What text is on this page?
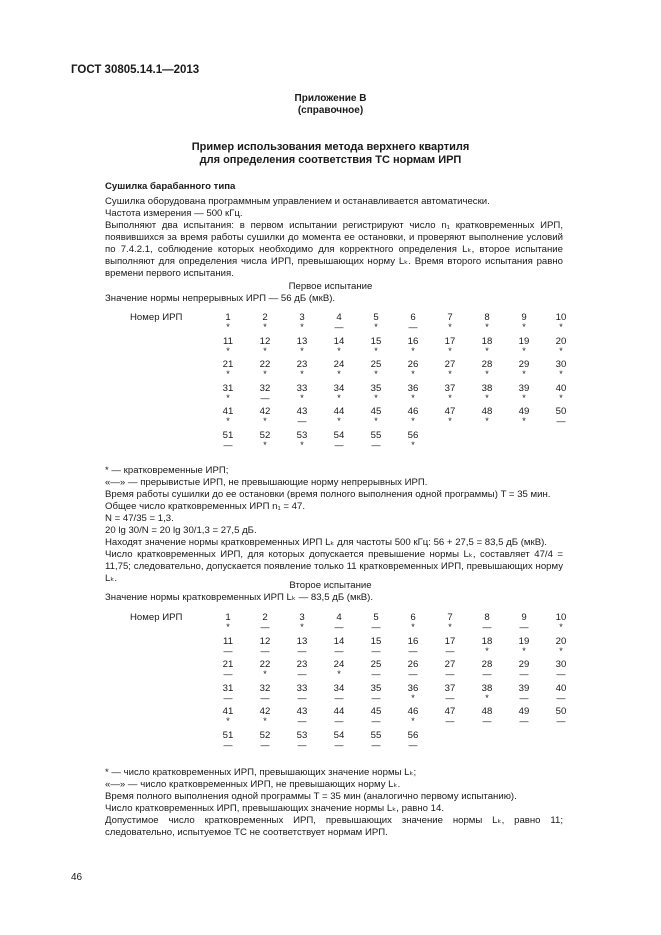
ГОСТ 30805.14.1—2013
Приложение В
(справочное)
Пример использования метода верхнего квартиля
для определения соответствия ТС нормам ИРП
Сушилка барабанного типа

Сушилка оборудована программным управлением и останавливается автоматически.

Частота измерения — 500 кГц.

Выполняют два испытания: в первом испытании регистрируют число n₁ кратковременных ИРП, появившихся за время работы сушилки до момента ее остановки, и проверяют выполнение условий по 7.4.2.1, соблюдение которых необходимо для корректного определения Lₖ, второе испытание выполняют для определения числа ИРП, превышающих норму Lₖ. Время второго испытания равно времени первого испытания.

Первое испытание
Значение нормы непрерывных ИРП — 56 дБ (мкВ).
Номер ИРП	1
*
2
*
3
*
4
—
5
*
6
—
7
*
8
*
9
*
10
*
11
*
12
*
13
*
14
*
15
*
16
*
17
*
18
*
19
*
20
*
21
*
22
*
23
*
24
*
25
*
26
*
27
*
28
*
29
*
30
*
31
*
32
—
33
*
34
*
35
*
36
*
37
*
38
*
39
*
40
*
41
*
42
*
43
—
44
*
45
*
46
*
47
*
48
*
49
*
50
—
51
—
52
*
53
*
54
—
55
—
56
*

* — кратковременные ИРП;

«—» — прерывистые ИРП, не превышающие норму непрерывных ИРП.

Время работы сушилки до ее остановки (время полного выполнения одной программы) T = 35 мин.

Общее число кратковременных ИРП n₁ = 47.

N = 47/35 = 1,3.

20 lg 30/N = 20 lg 30/1,3 = 27,5 дБ.

Находят значение нормы кратковременных ИРП Lₖ для частоты 500 кГц: 56 + 27,5 = 83,5 дБ (мкВ).

Число кратковременных ИРП, для которых допускается превышение нормы Lₖ, составляет 47/4 = 11,75; следовательно, допускается появление только 11 кратковременных ИРП, превышающих норму Lₖ.

Второе испытание
Значение нормы кратковременных ИРП Lₖ — 83,5 дБ (мкВ).
Номер ИРП	1
*
2
—
3
*
4
—
5
—
6
*
7
*
8
—
9
—
10
*
11
—
12
—
13
—
14
—
15
—
16
—
17
—
18
*
19
*
20
*
21
—
22
*
23
—
24
*
25
—
26
—
27
—
28
—
29
—
30
—
31
—
32
—
33
—
34
—
35
—
36
*
37
—
38
*
39
—
40
—
41
*
42
*
43
—
44
—
45
—
46
*
47
—
48
—
49
—
50
—
51
—
52
—
53
—
54
—
55
—
56
—

* — число кратковременных ИРП, превышающих значение нормы Lₖ;

«—» — число кратковременных ИРП, не превышающих норму Lₖ.

Время полного выполнения одной программы T = 35 мин (аналогично первому испытанию).

Число кратковременных ИРП, превышающих значение нормы Lₖ, равно 14.

Допустимое число кратковременных ИРП, превышающих значение нормы Lₖ, равно 11; следовательно, испытуемое ТС не соответствует нормам ИРП.

46
